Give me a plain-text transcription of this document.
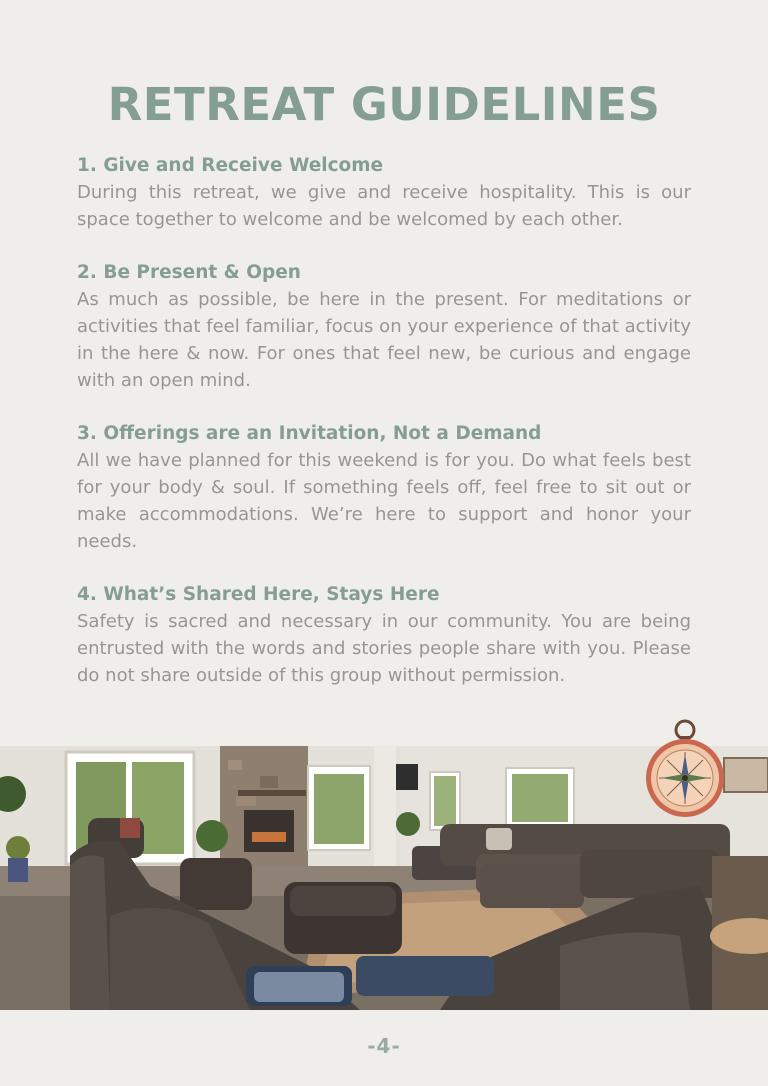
RETREAT GUIDELINES
1. Give and Receive Welcome

During this retreat, we give and receive hospitality. This is our space together to welcome and be welcomed by each other.

2. Be Present & Open

As much as possible, be here in the present. For meditations or activities that feel familiar, focus on your experience of that activity in the here & now. For ones that feel new, be curious and engage with an open mind.

3. Offerings are an Invitation, Not a Demand

All we have planned for this weekend is for you. Do what feels best for your body & soul. If something feels off, feel free to sit out or make accommodations. We’re here to support and honor your needs.

4. What’s Shared Here, Stays Here

Safety is sacred and necessary in our community. You are being entrusted with the words and stories people share with you. Please do not share outside of this group without permission.

-4-
